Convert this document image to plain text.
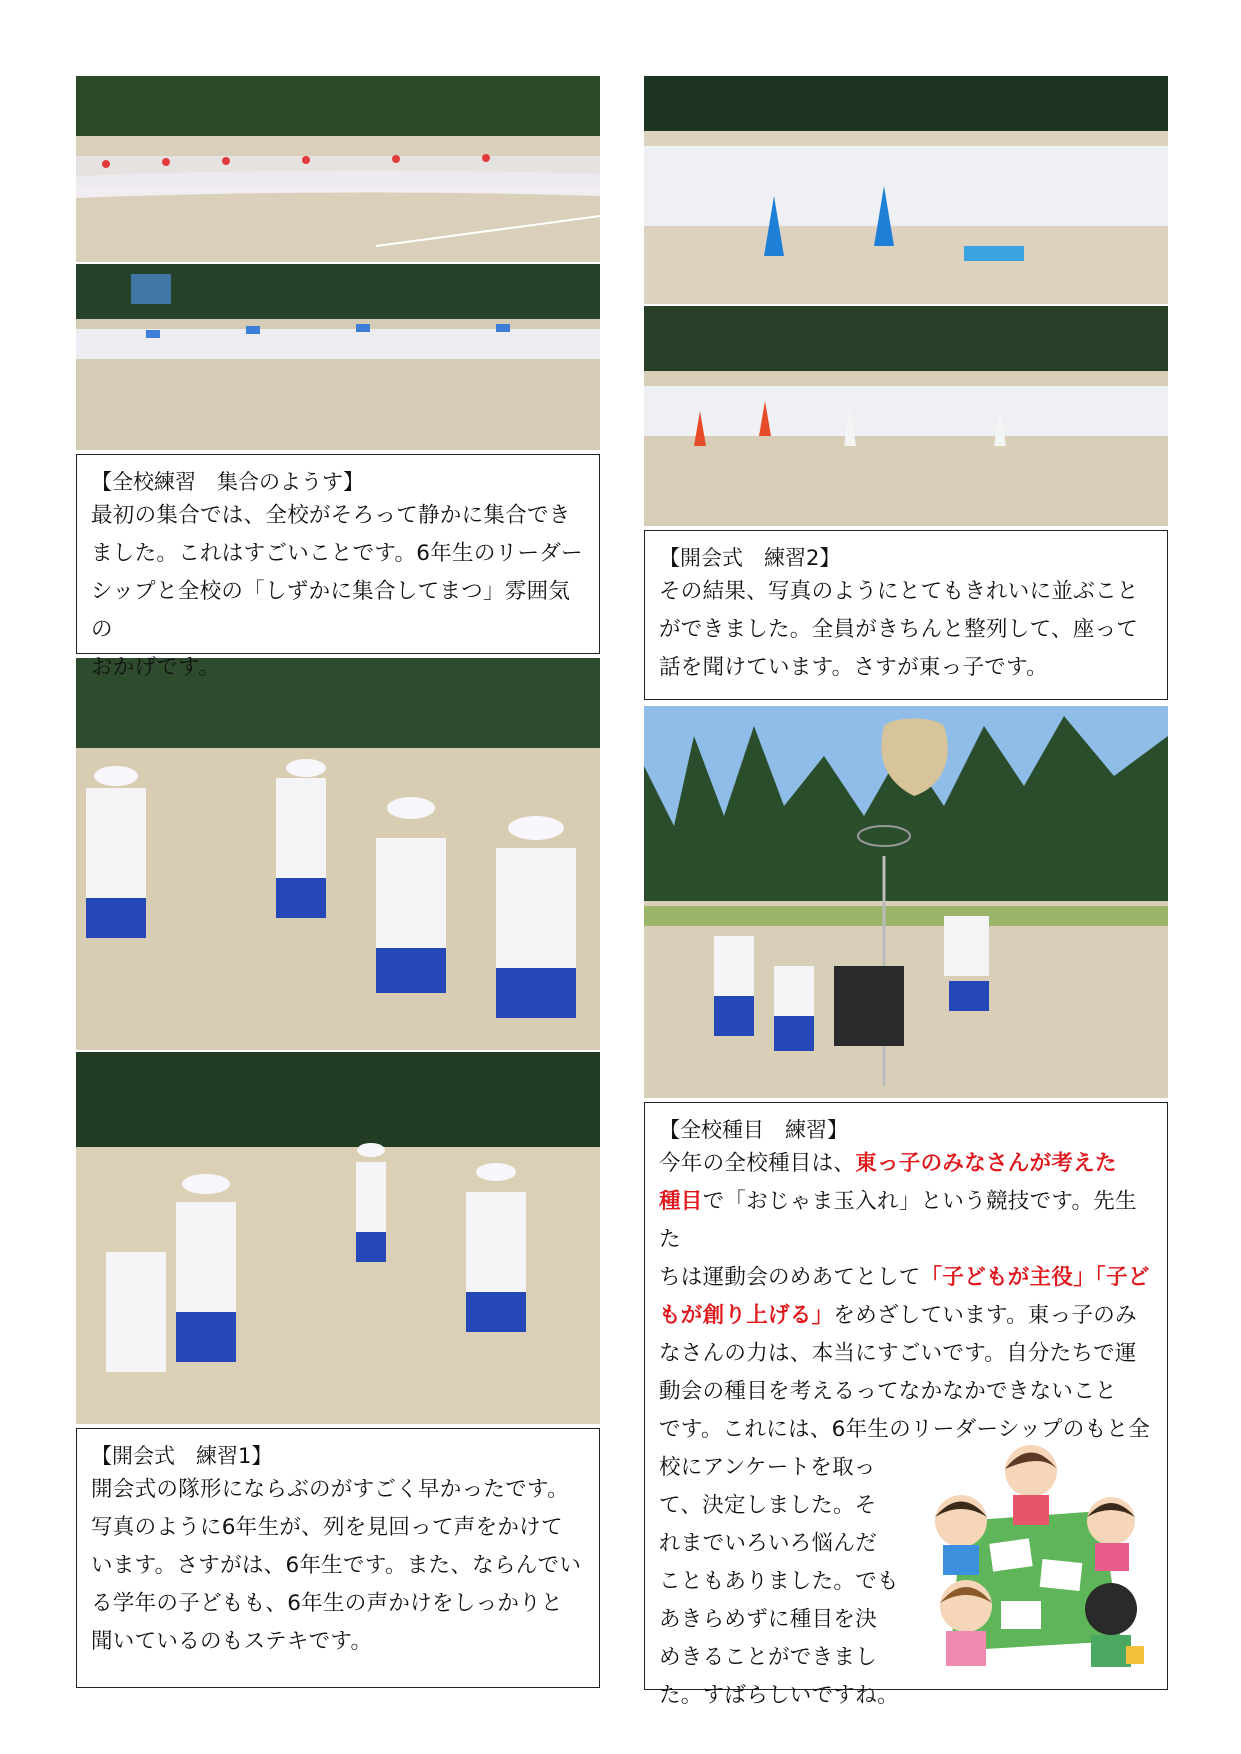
【全校練習　集合のようす】

最初の集合では、全校がそろって静かに集合でき

ました。これはすごいことです。6年生のリーダー

シップと全校の「しずかに集合してまつ」雰囲気の

おかげです。

【開会式　練習2】

その結果、写真のようにとてもきれいに並ぶこと

ができました。全員がきちんと整列して、座って

話を聞けています。さすが東っ子です。

【開会式　練習1】

開会式の隊形にならぶのがすごく早かったです。

写真のように6年生が、列を見回って声をかけて

います。さすがは、6年生です。また、ならんでい

る学年の子どもも、6年生の声かけをしっかりと

聞いているのもステキです。

【全校種目　練習】

今年の全校種目は、東っ子のみなさんが考えた

種目で「おじゃま玉入れ」という競技です。先生た

ちは運動会のめあてとして「子どもが主役」「子ど

もが創り上げる」をめざしています。東っ子のみ

なさんの力は、本当にすごいです。自分たちで運

動会の種目を考えるってなかなかできないこと

です。これには、6年生のリーダーシップのもと全

校にアンケートを取っ

て、決定しました。そ

れまでいろいろ悩んだ

こともありました。でも

あきらめずに種目を決

めきることができまし

た。すばらしいですね。
